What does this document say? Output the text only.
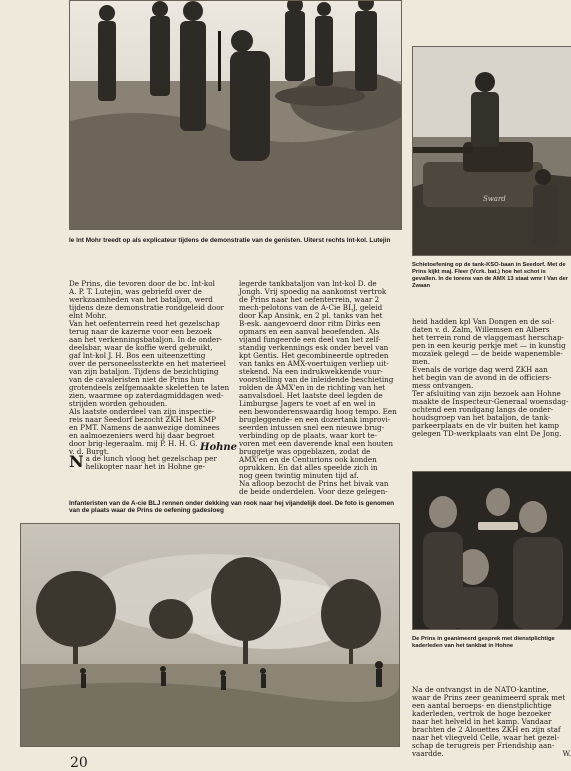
le lnt Mohr treedt op als explicateur tijdens de demonstratie van de genisten. Uiterst rechts lnt-kol. Lutejin
Sward
Schietoefening op de tank-KSO-baan in Seedorf. Met de Prins kijkt maj. Fleer (Vcrk. bat.) hoe het schot is gevallen. In de torens van de AMX 13 staat wmr I Van der Zwaan

De Prins, die tevoren door de bc. lnt-kol
A. P. T. Lutejin, was gebriefd over de
werkzaamheden van het bataljon, werd
tijdens deze demonstratie rondgeleid door
elnt Mohr.
Van het oefenterrein reed het gezelschap
terug naar de kazerne voor een bezoek
aan het verkenningsbataljon. In de onder-
deelsbar, waar de koffie werd gebruikt,
gaf lnt-kol J. H. Bos een uiteenzetting
over de personeelssterkte en het materieel
van zijn bataljon. Tijdens de bezichtiging
van de cavaleristen niet de Prins hun
grotendeels zelfgemaakte skeletten te laten
zien, waarmee op zaterdagmiddagen wed-
strijden worden gehouden.
Als laatste onderdeel van zijn inspectie-
reis naar Seedorf bezocht ZKH het KMP
en PMT. Namens de aanwezige dominees
en aalmoezeniers werd hij daar begroet
door brig-legeraalm. mij P. H. H. G.
v. d. Burgt.	Hohne
N a de lunch vloog het gezelschap per
helikopter naar het in Hohne ge-

legerde tankbataljon van lnt-kol D. de
Jongh. Vrij spoedig na aankomst vertrok
de Prins naar het oefenterrein, waar 2
mech-pelotons van de A-Cie BLJ, geleid
door Kap Ansink, en 2 pl. tanks van het
B-esk. aangevoerd door ritm Dirks een
opmars en een aanval beoefenden. Als
vijand fungeerde een deel van het zelf-
standig verkennings esk onder bevel van
kpt Gentis. Het gecombineerde optreden
van tanks en AMX-voertuigen verliep uit-
stekend. Na een indrukwekkende vuur-
voorstelling van de inleidende beschieting
rolden de AMX'en in de richting van het
aanvalsdoel. Het laatste deel legden de
Limburgse Jagers te voet af en wel in
een bewonderenswaardig hoog tempo. Een
brugleggende- en een dozertank improvi-
seerden intussen snel een nieuwe brug-
verbinding op de plaats, waar kort te-
voren met een daverende knal een houten
bruggetje was opgeblazen, zodat de
AMX'en en de Centurions ook konden
oprukken. En dat alles speelde zich in
nog geen twintig minuten tijd af.
Na afloop bezocht de Prins het bivak van
de beide onderdelen. Voor deze gelegen-

heid hadden kpl Van Dongen en de sol-
daten v. d. Zalm, Willemsen en Albers
het terrein rond de vlaggemast herschap-
pen in een keurig perkje met — in kunstig
mozaïek gelegd — de beide wapenemble-
men.
Evenals de vorige dag werd ZKH aan
het begin van de avond in de officiers-
mess ontvangen.
Ter afsluiting van zijn bezoek aan Hohne
maakte de Inspecteur-Generaal woensdag-
ochtend een rondgang langs de onder-
houdsgroep van het bataljon, de tank-
parkeerplaats en de vlr buiten het kamp
gelegen TD-werkplaats van elnt De Jong.

Infanteristen van de A-cie BLJ rennen onder dekking van rook naar hej vijandelijk doel. De foto is genomen van de plaats waar de Prins de oefening gadesloeg
De Prins in geanimeerd gesprek met dienstplichtige kaderleden van het tankbat in Hohne

Na de ontvangst in de NATO-kantine,
waar de Prins zeer geanimeerd sprak met
een aantal beroeps- en dienstplichtige
kaderleden, vertrok de hoge bezoeker
naar het helveld in het kamp. Vandaar
brachten de 2 Alouettes ZKH en zijn staf
naar het vliegveld Celle, waar het gezel-
schap de terugreis per Friendship aan-
vaardde.	W.
20
